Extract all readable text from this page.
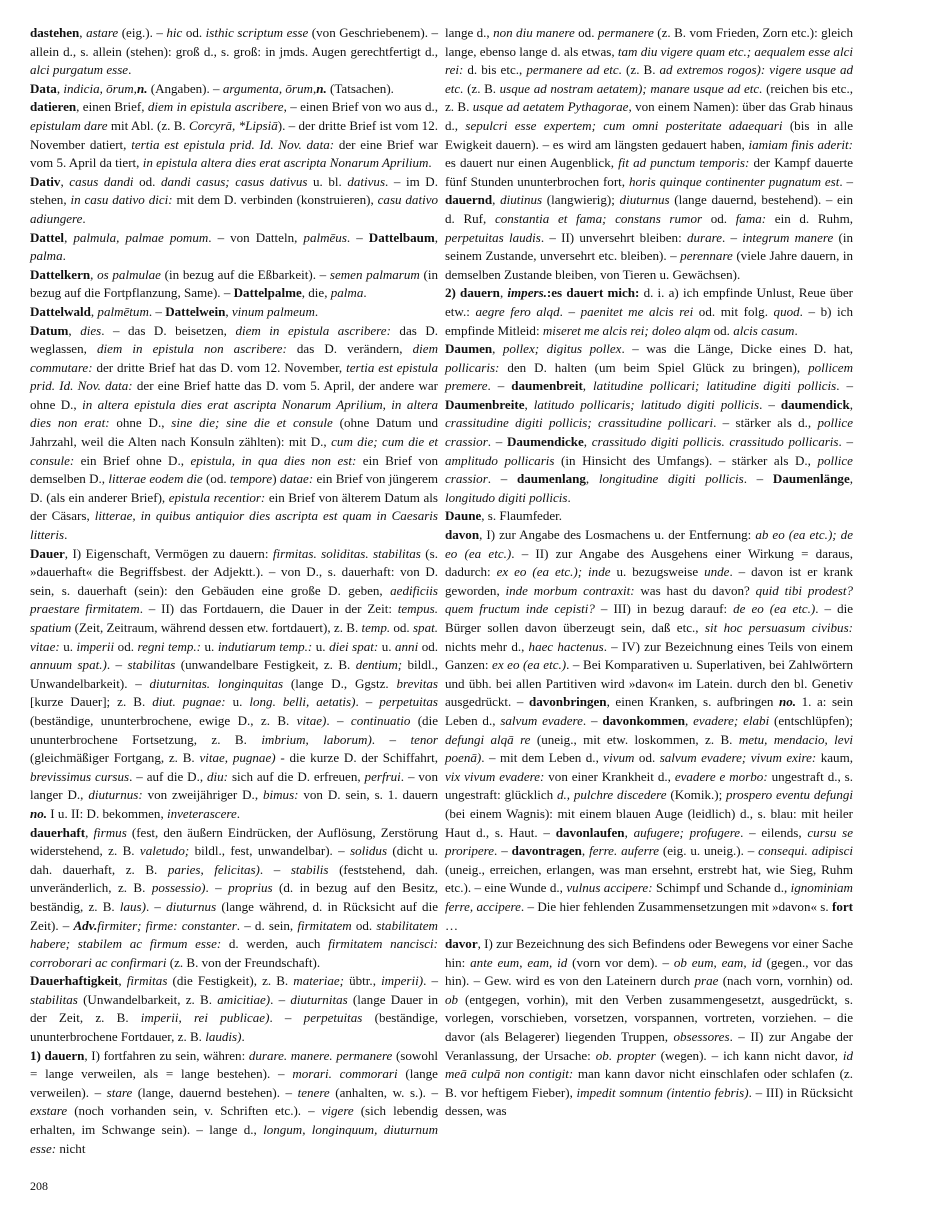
dastehen, astare (eig.). – hic od. isthic scriptum esse (von Geschriebenem). – allein d., s. allein (stehen): groß d., s. groß: in jmds. Augen gerechtfertigt d., alci purgatum esse.

Data, indicia, ōrum,n. (Angaben). – argumenta, ōrum,n. (Tatsachen).

datieren, einen Brief, diem in epistula ascribere, – einen Brief von wo aus d., epistulam dare mit Abl. (z. B. Corcyrā, *Lipsiā). – der dritte Brief ist vom 12. November datiert, tertia est epistula prid. Id. Nov. data: der eine Brief war vom 5. April da tiert, in epistula altera dies erat ascripta Nonarum Aprilium.

Dativ, casus dandi od. dandi casus; casus dativus u. bl. dativus. – im D. stehen, in casu dativo dici: mit dem D. verbinden (konstruieren), casu dativo adiungere.

Dattel, palmula, palmae pomum. – von Datteln, palmēus. – Dattelbaum, palma.

Dattelkern, os palmulae (in bezug auf die Eßbarkeit). – semen palmarum (in bezug auf die Fortpflanzung, Same). – Dattelpalme, die, palma.

Dattelwald, palmētum. – Dattelwein, vinum palmeum.

Datum, dies. – das D. beisetzen, diem in epistula ascribere: das D. weglassen, diem in epistula non ascribere: das D. verändern, diem commutare: der dritte Brief hat das D. vom 12. November, tertia est epistula prid. Id. Nov. data: der eine Brief hatte das D. vom 5. April, der andere war ohne D., in altera epistula dies erat ascripta Nonarum Aprilium, in altera dies non erat: ohne D., sine die; sine die et consule (ohne Datum und Jahrzahl, weil die Alten nach Konsuln zählten): mit D., cum die; cum die et consule: ein Brief ohne D., epistula, in qua dies non est: ein Brief von demselben D., litterae eodem die (od. tempore) datae: ein Brief von jüngerem D. (als ein anderer Brief), epistula recentior: ein Brief von älterem Datum als der Cäsars, litterae, in quibus antiquior dies ascripta est quam in Caesaris litteris.

Dauer, I) Eigenschaft, Vermögen zu dauern: firmitas. soliditas. stabilitas (s. »dauerhaft« die Begriffsbest. der Adjektt.). – von D., s. dauerhaft: von D. sein, s. dauerhaft (sein): den Gebäuden eine große D. geben, aedificiis praestare firmitatem. – II) das Fortdauern, die Dauer in der Zeit: tempus. spatium (Zeit, Zeitraum, während dessen etw. fortdauert), z. B. temp. od. spat. vitae: u. imperii od. regni temp.: u. indutiarum temp.: u. diei spat: u. anni od. annuum spat.). – stabilitas (unwandelbare Festigkeit, z. B. dentium; bildl., Unwandelbarkeit). – diuturnitas. longinquitas (lange D., Ggstz. brevitas [kurze Dauer]; z. B. diut. pugnae: u. long. belli, aetatis). – perpetuitas (beständige, ununterbrochene, ewige D., z. B. vitae). – continuatio (die ununterbrochene Fortsetzung, z. B. imbrium, laborum). – tenor (gleichmäßiger Fortgang, z. B. vitae, pugnae) - die kurze D. der Schiffahrt, brevissimus cursus. – auf die D., diu: sich auf die D. erfreuen, perfrui. – von langer D., diuturnus: von zweijähriger D., bimus: von D. sein, s. 1. dauern no. I u. II: D. bekommen, inveterascere.

dauerhaft, firmus (fest, den äußern Eindrücken, der Auflösung, Zerstörung widerstehend, z. B. valetudo; bildl., fest, unwandelbar). – solidus (dicht u. dah. dauerhaft, z. B. paries, felicitas). – stabilis (feststehend, dah. unveränderlich, z. B. possessio). – proprius (d. in bezug auf den Besitz, beständig, z. B. laus). – diuturnus (lange während, d. in Rücksicht auf die Zeit). – Adv.firmiter; firme: constanter. – d. sein, firmitatem od. stabilitatem habere; stabilem ac firmum esse: d. werden, auch firmitatem nancisci: corroborari ac confirmari (z. B. von der Freundschaft).

Dauerhaftigkeit, firmitas (die Festigkeit), z. B. materiae; übtr., imperii). – stabilitas (Unwandelbarkeit, z. B. amicitiae). – diuturnitas (lange Dauer in der Zeit, z. B. imperii, rei publicae). – perpetuitas (beständige, ununterbrochene Fortdauer, z. B. laudis).

1) dauern, I) fortfahren zu sein, währen: durare. manere. permanere (sowohl = lange verweilen, als = lange bestehen). – morari. commorari (lange verweilen). – stare (lange, dauernd bestehen). – tenere (anhalten, w. s.). – exstare (noch vorhanden sein, v. Schriften etc.). – vigere (sich lebendig erhalten, im Schwange sein). – lange d., longum, longinquum, diuturnum esse: nicht

lange d., non diu manere od. permanere (z. B. vom Frieden, Zorn etc.): gleich lange, ebenso lange d. als etwas, tam diu vigere quam etc.; aequalem esse alci rei: d. bis etc., permanere ad etc. (z. B. ad extremos rogos): vigere usque ad etc. (z. B. usque ad nostram aetatem); manare usque ad etc. (reichen bis etc., z. B. usque ad aetatem Pythagorae, von einem Namen): über das Grab hinaus d., sepulcri esse expertem; cum omni posteritate adaequari (bis in alle Ewigkeit dauern). – es wird am längsten gedauert haben, iamiam finis aderit: es dauert nur einen Augenblick, fit ad punctum temporis: der Kampf dauerte fünf Stunden ununterbrochen fort, horis quinque continenter pugnatum est. – dauernd, diutinus (langwierig); diuturnus (lange dauernd, bestehend). – ein d. Ruf, constantia et fama; constans rumor od. fama: ein d. Ruhm, perpetuitas laudis. – II) unversehrt bleiben: durare. – integrum manere (in seinem Zustande, unversehrt etc. bleiben). – perennare (viele Jahre dauern, in demselben Zustande bleiben, von Tieren u. Gewächsen).

2) dauern, impers.:es dauert mich: d. i. a) ich empfinde Unlust, Reue über etw.: aegre fero alqd. – paenitet me alcis rei od. mit folg. quod. – b) ich empfinde Mitleid: miseret me alcis rei; doleo alqm od. alcis casum.

Daumen, pollex; digitus pollex. – was die Länge, Dicke eines D. hat, pollicaris: den D. halten (um beim Spiel Glück zu bringen), pollicem premere. – daumenbreit, latitudine pollicari; latitudine digiti pollicis. – Daumenbreite, latitudo pollicaris; latitudo digiti pollicis. – daumendick, crassitudine digiti pollicis; crassitudine pollicari. – stärker als d., pollice crassior. – Daumendicke, crassitudo digiti pollicis. crassitudo pollicaris. – amplitudo pollicaris (in Hinsicht des Umfangs). – stärker als D., pollice crassior. – daumenlang, longitudine digiti pollicis. – Daumenlänge, longitudo digiti pollicis.

Daune, s. Flaumfeder.

davon, I) zur Angabe des Losmachens u. der Entfernung: ab eo (ea etc.); de eo (ea etc.). – II) zur Angabe des Ausgehens einer Wirkung = daraus, dadurch: ex eo (ea etc.); inde u. bezugsweise unde. – davon ist er krank geworden, inde morbum contraxit: was hast du davon? quid tibi prodest? quem fructum inde cepisti? – III) in bezug darauf: de eo (ea etc.). – die Bürger sollen davon überzeugt sein, daß etc., sit hoc persuasum civibus: nichts mehr d., haec hactenus. – IV) zur Bezeichnung eines Teils von einem Ganzen: ex eo (ea etc.). – Bei Komparativen u. Superlativen, bei Zahlwörtern und übh. bei allen Partitiven wird »davon« im Latein. durch den bl. Genetiv ausgedrückt. – davonbringen, einen Kranken, s. aufbringen no. 1. a: sein Leben d., salvum evadere. – davonkommen, evadere; elabi (entschlüpfen); defungi alqā re (uneig., mit etw. loskommen, z. B. metu, mendacio, levi poenā). – mit dem Leben d., vivum od. salvum evadere; vivum exire: kaum, vix vivum evadere: von einer Krankheit d., evadere e morbo: ungestraft d., s. ungestraft: glücklich d., pulchre discedere (Komik.); prospero eventu defungi (bei einem Wagnis): mit einem blauen Auge (leidlich) d., s. blau: mit heiler Haut d., s. Haut. – davonlaufen, aufugere; profugere. – eilends, cursu se proripere. – davontragen, ferre. auferre (eig. u. uneig.). – consequi. adipisci (uneig., erreichen, erlangen, was man ersehnt, erstrebt hat, wie Sieg, Ruhm etc.). – eine Wunde d., vulnus accipere: Schimpf und Schande d., ignominiam ferre, accipere. – Die hier fehlenden Zusammensetzungen mit »davon« s. fort …

davor, I) zur Bezeichnung des sich Befindens oder Bewegens vor einer Sache hin: ante eum, eam, id (vorn vor dem). – ob eum, eam, id (gegen., vor das hin). – Gew. wird es von den Lateinern durch prae (nach vorn, vornhin) od. ob (entgegen, vorhin), mit den Verben zusammengesetzt, ausgedrückt, s. vorlegen, vorschieben, vorsetzen, vorspannen, vortreten, vorziehen. – die davor (als Belagerer) liegenden Truppen, obsessores. – II) zur Angabe der Veranlassung, der Ursache: ob. propter (wegen). – ich kann nicht davor, id meā culpā non contigit: man kann davor nicht einschlafen oder schlafen (z. B. vor heftigem Fieber), impedit somnum (intentio febris). – III) in Rücksicht dessen, was

208
